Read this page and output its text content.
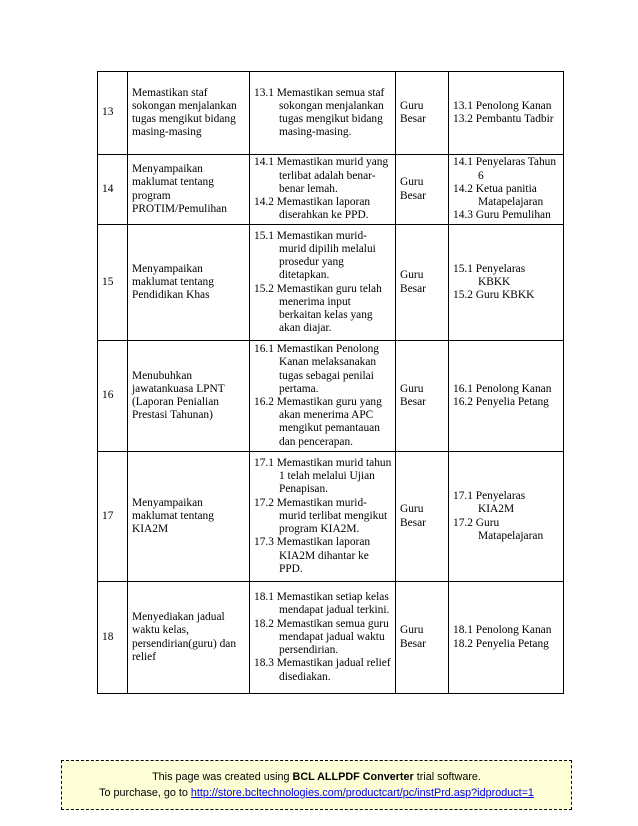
13	Memastikan staf sokongan menjalankan tugas mengikut bidang masing-masing	13.1 Memastikan semua staf sokongan menjalankan tugas mengikut bidang masing-masing.	Guru Besar	13.1 Penolong Kanan
13.2 Pembantu Tadbir

14	Menyampaikan maklumat tentang program PROTIM/Pemulihan	14.1 Memastikan murid yang terlibat adalah benar-benar lemah.
14.2 Memastikan laporan diserahkan ke PPD.	Guru Besar	14.1 Penyelaras Tahun 6
14.2 Ketua panitia Matapelajaran
14.3 Guru Pemulihan

15	Menyampaikan maklumat tentang Pendidikan Khas	15.1 Memastikan murid-murid dipilih melalui prosedur yang ditetapkan.
15.2 Memastikan guru telah menerima input berkaitan kelas yang akan diajar.	Guru Besar	15.1 Penyelaras KBKK
15.2 Guru KBKK

16	Menubuhkan jawatankuasa LPNT (Laporan Penialian Prestasi Tahunan)	16.1 Memastikan Penolong Kanan melaksanakan tugas sebagai penilai pertama.
16.2 Memastikan guru yang akan menerima APC mengikut pemantauan dan pencerapan.	Guru Besar	16.1 Penolong Kanan
16.2 Penyelia Petang

17	Menyampaikan maklumat tentang KIA2M	17.1 Memastikan murid tahun 1 telah melalui Ujian Penapisan.
17.2 Memastikan murid-murid terlibat mengikut program KIA2M.
17.3 Memastikan laporan KIA2M dihantar ke PPD.	Guru Besar	17.1 Penyelaras KIA2M
17.2 Guru Matapelajaran

18	Menyediakan jadual waktu kelas, persendirian(guru) dan relief	18.1 Memastikan setiap kelas mendapat jadual terkini.
18.2 Memastikan semua guru mendapat jadual waktu persendirian.
18.3 Memastikan jadual relief disediakan.	Guru Besar	18.1 Penolong Kanan
18.2 Penyelia Petang
This page was created using BCL ALLPDF Converter trial software.
To purchase, go to http://store.bcltechnologies.com/productcart/pc/instPrd.asp?idproduct=1
